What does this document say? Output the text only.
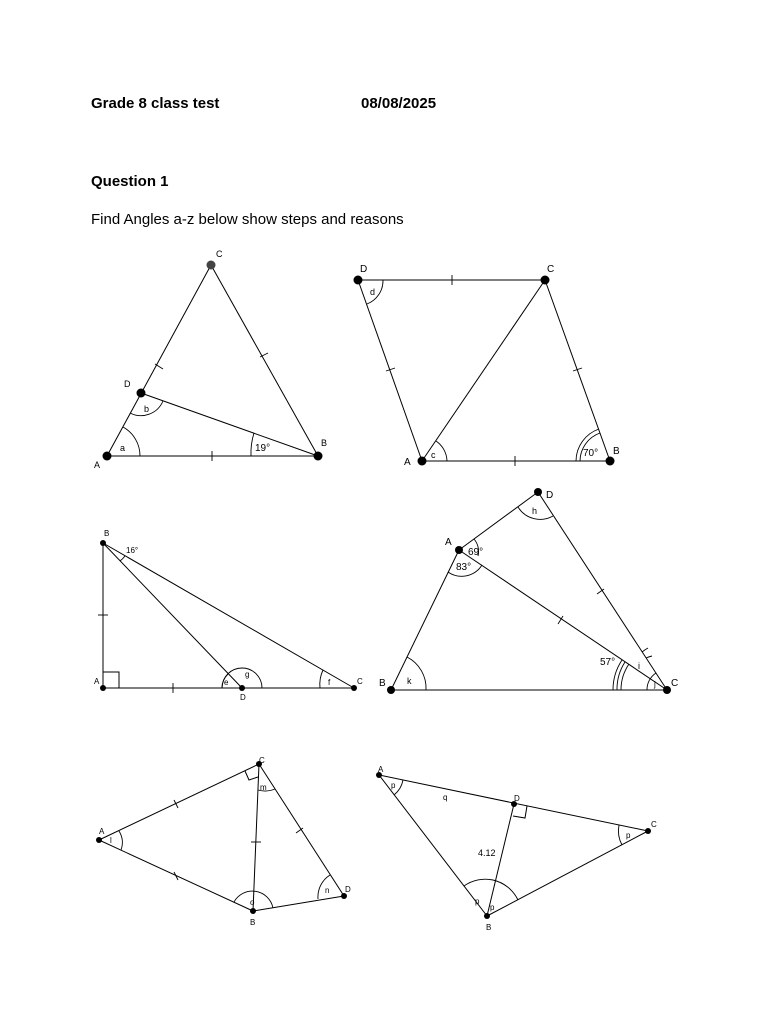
Grade 8 class test	08/08/2025
Question 1
Find Angles a-z below show steps and reasons
A
B
C
D
a
b
19°
A
B
C
D
c
d
70°
A
B
C
D
e	f
g
16°
A
B	C
D
h
i
j
k
69°
83°
57°
A
B
C
D
l
m
n
o
A
B
C
D
p
q
p
p
p
4.12
